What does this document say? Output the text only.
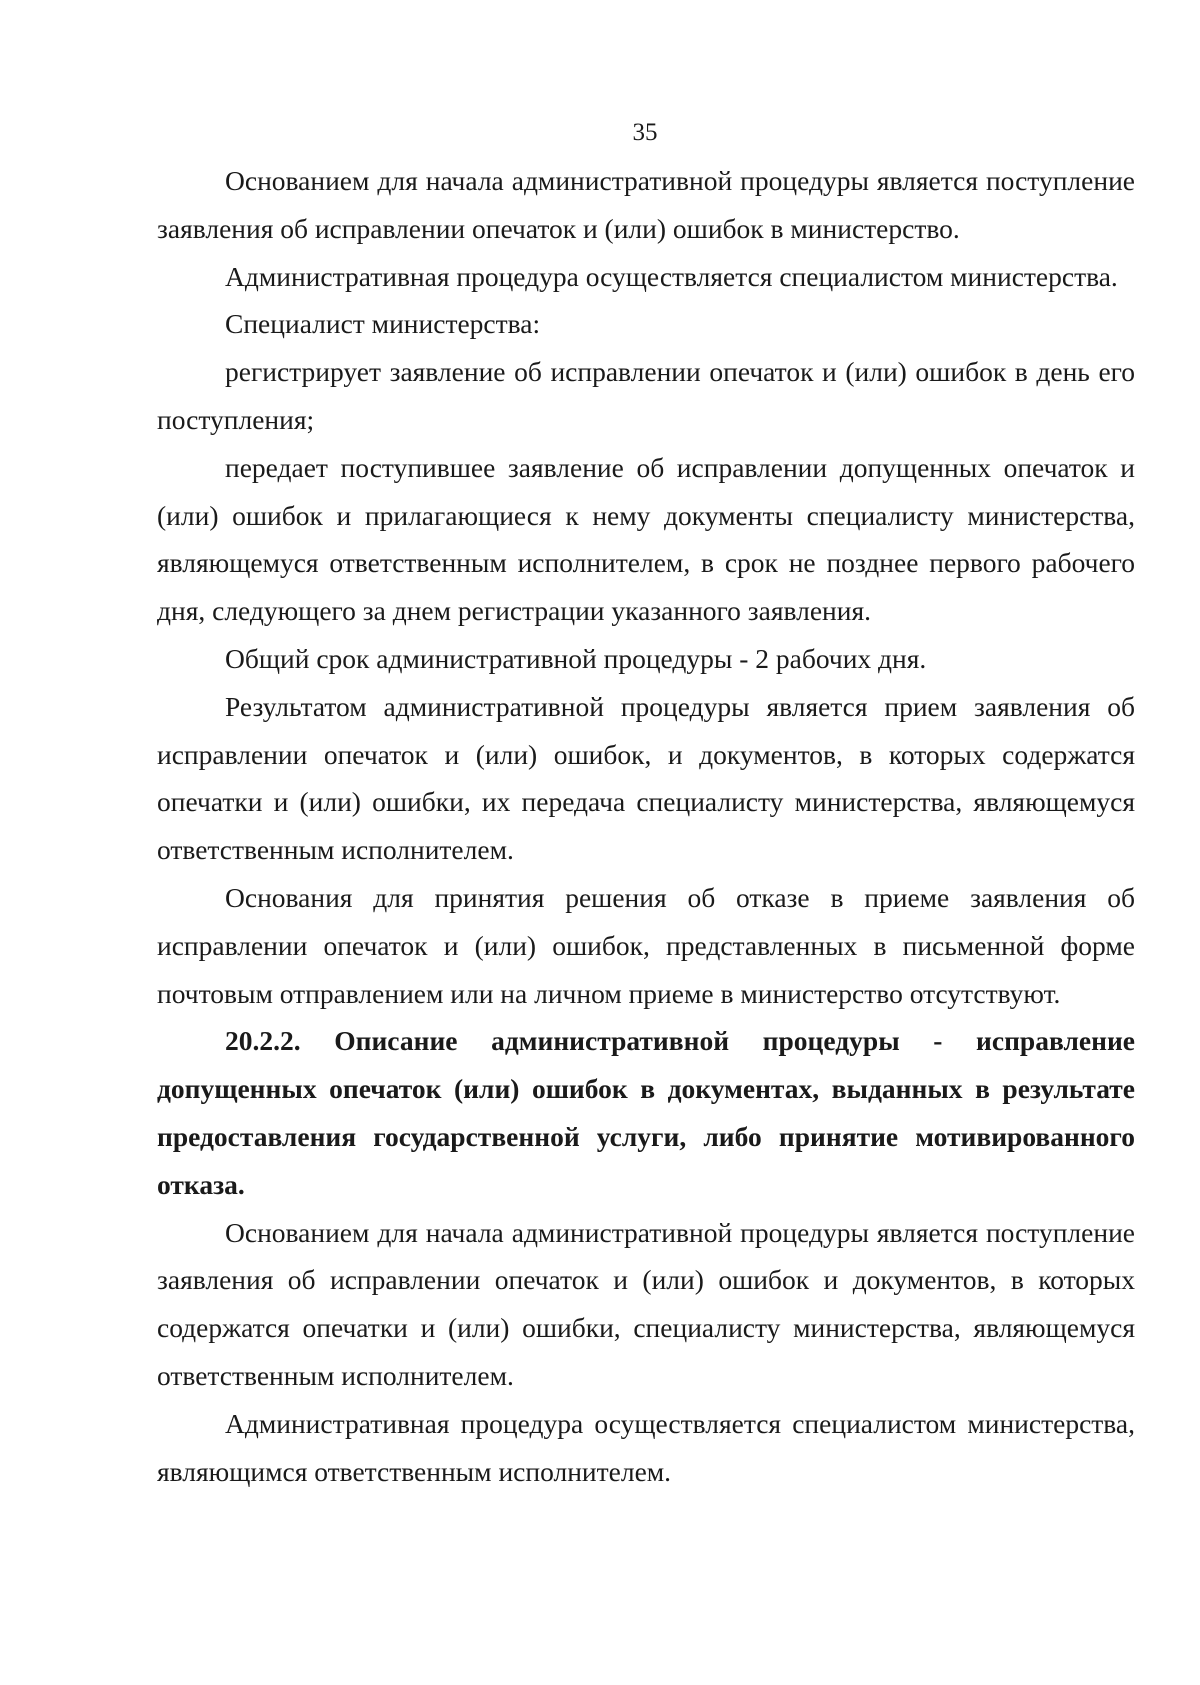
35

Основанием для начала административной процедуры является поступление заявления об исправлении опечаток и (или) ошибок в министерство.

Административная процедура осуществляется специалистом министерства.

Специалист министерства:

регистрирует заявление об исправлении опечаток и (или) ошибок в день его поступления;

передает поступившее заявление об исправлении допущенных опечаток и (или) ошибок и прилагающиеся к нему документы специалисту министерства, являющемуся ответственным исполнителем, в срок не позднее первого рабочего дня, следующего за днем регистрации указанного заявления.

Общий срок административной процедуры - 2 рабочих дня.

Результатом административной процедуры является прием заявления об исправлении опечаток и (или) ошибок, и документов, в которых содержатся опечатки и (или) ошибки, их передача специалисту министерства, являющемуся ответственным исполнителем.

Основания для принятия решения об отказе в приеме заявления об исправлении опечаток и (или) ошибок, представленных в письменной форме почтовым отправлением или на личном приеме в министерство отсутствуют.

20.2.2. Описание административной процедуры - исправление допущенных опечаток (или) ошибок в документах, выданных в результате предоставления государственной услуги, либо принятие мотивированного отказа.

Основанием для начала административной процедуры является поступление заявления об исправлении опечаток и (или) ошибок и документов, в которых содержатся опечатки и (или) ошибки, специалисту министерства, являющемуся ответственным исполнителем.

Административная процедура осуществляется специалистом министерства, являющимся ответственным исполнителем.
